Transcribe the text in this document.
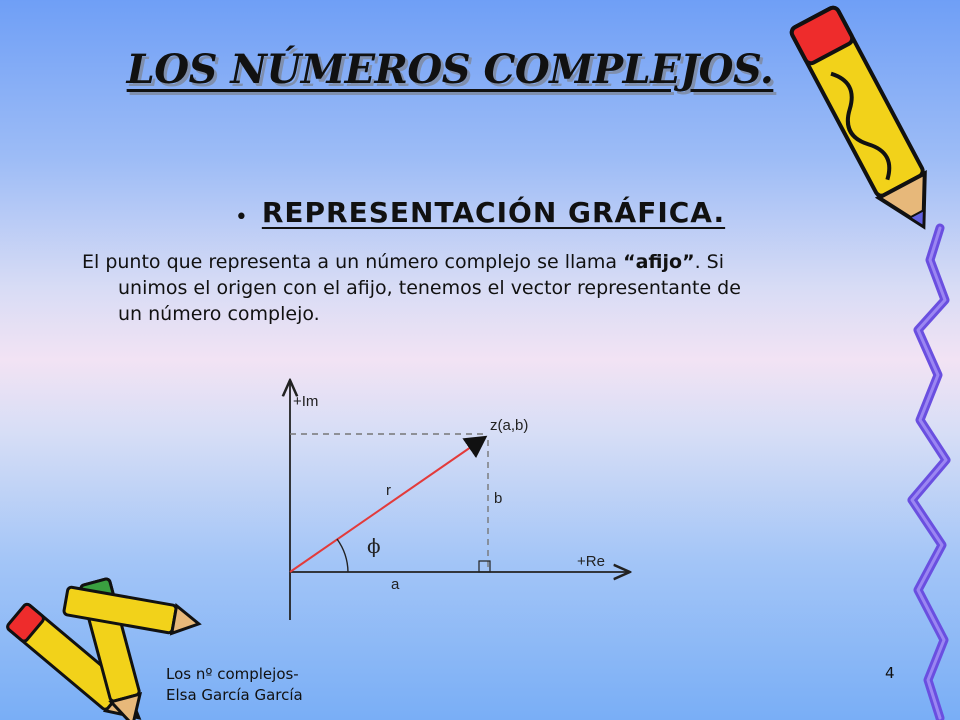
LOS NÚMEROS COMPLEJOS.
• REPRESENTACIÓN GRÁFICA.
El punto que representa a un número complejo se llama “afijo”. Si
unimos el origen con el afijo, tenemos el vector representante de
un número complejo.
+Im
+Re
z(a,b)
r
ϕ
b
a
Los nº complejos-
Elsa García García
4
